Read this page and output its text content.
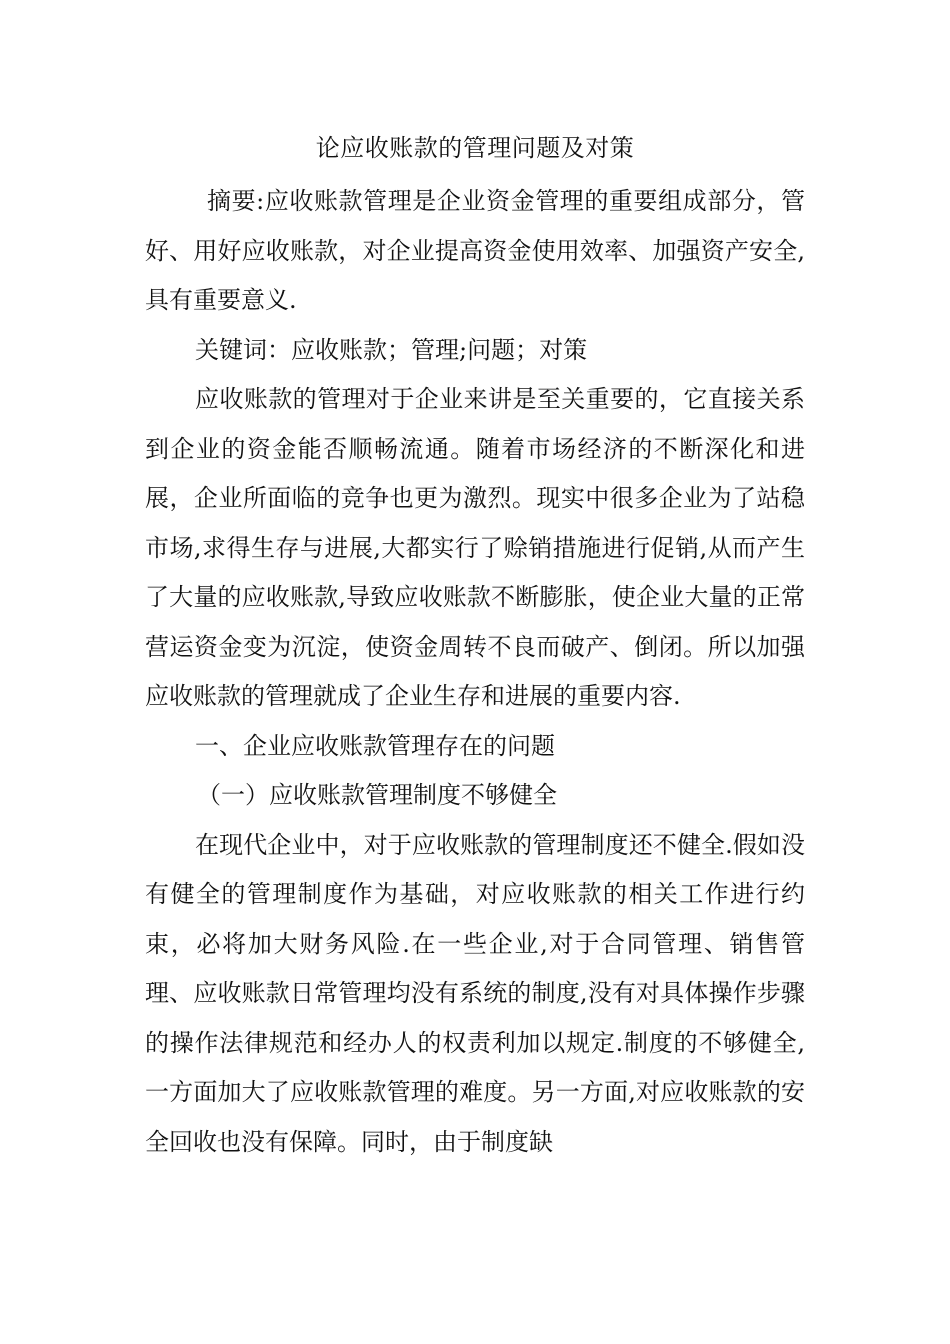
论应收账款的管理问题及对策

摘要:应收账款管理是企业资金管理的重要组成部分，管好、用好应收账款，对企业提高资金使用效率、加强资产安全,具有重要意义.

关键词：应收账款；管理;问题；对策

应收账款的管理对于企业来讲是至关重要的，它直接关系到企业的资金能否顺畅流通。随着市场经济的不断深化和进展，企业所面临的竞争也更为激烈。现实中很多企业为了站稳市场,求得生存与进展,大都实行了赊销措施进行促销,从而产生了大量的应收账款,导致应收账款不断膨胀，使企业大量的正常营运资金变为沉淀，使资金周转不良而破产、倒闭。所以加强应收账款的管理就成了企业生存和进展的重要内容.

一、企业应收账款管理存在的问题

（一）应收账款管理制度不够健全

在现代企业中，对于应收账款的管理制度还不健全.假如没有健全的管理制度作为基础，对应收账款的相关工作进行约束，必将加大财务风险.在一些企业,对于合同管理、销售管理、应收账款日常管理均没有系统的制度,没有对具体操作步骤的操作法律规范和经办人的权责利加以规定.制度的不够健全,一方面加大了应收账款管理的难度。另一方面,对应收账款的安全回收也没有保障。同时，由于制度缺
